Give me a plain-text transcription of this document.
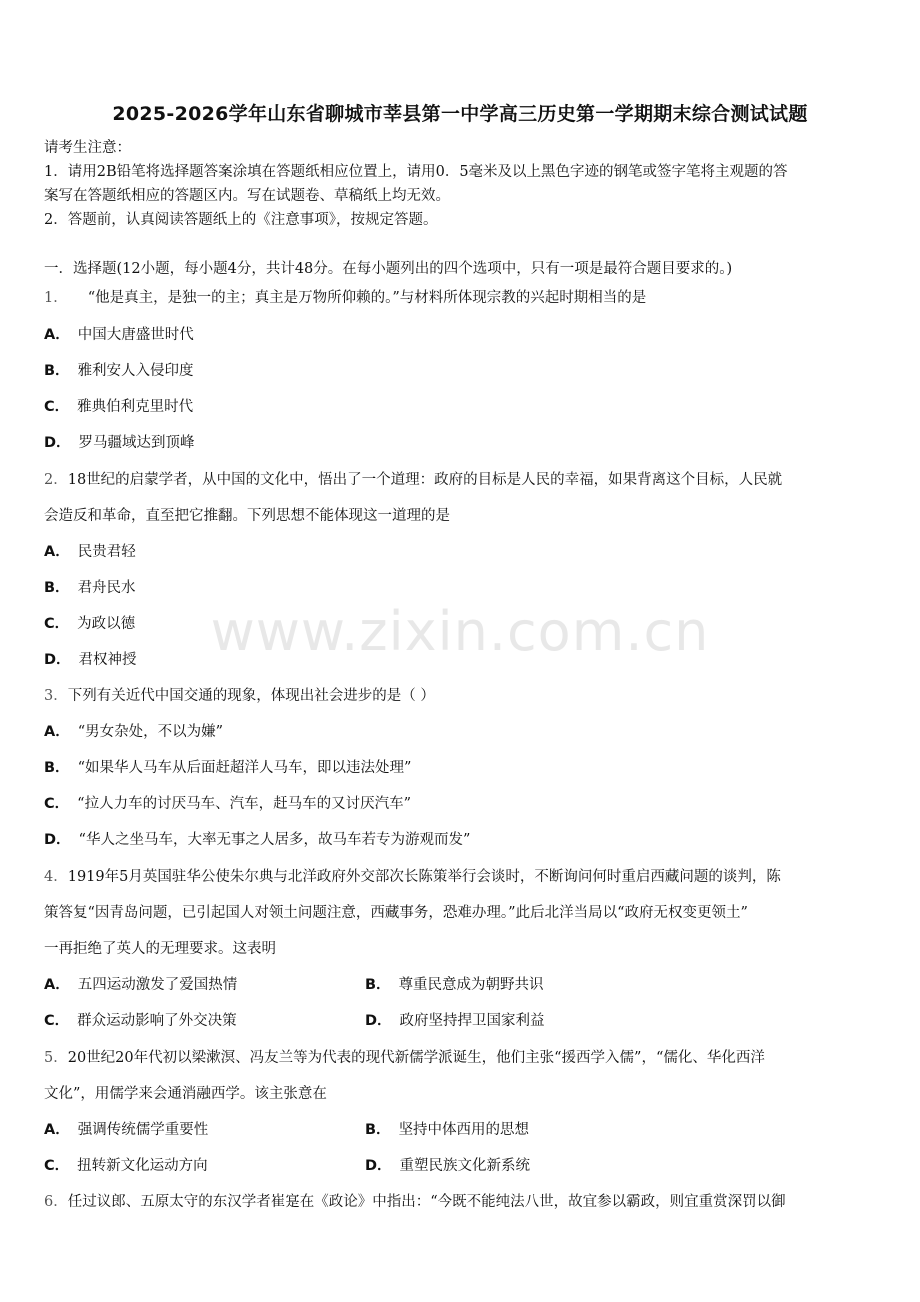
2025-2026学年山东省聊城市莘县第一中学高三历史第一学期期末综合测试试题
请考生注意：
1．请用2B铅笔将选择题答案涂填在答题纸相应位置上，请用0．5毫米及以上黑色字迹的钢笔或签字笔将主观题的答
案写在答题纸相应的答题区内。写在试题卷、草稿纸上均无效。
2．答题前，认真阅读答题纸上的《注意事项》，按规定答题。
一．选择题(12小题，每小题4分，共计48分。在每小题列出的四个选项中，只有一项是最符合题目要求的。)
1． “他是真主，是独一的主；真主是万物所仰赖的。”与材料所体现宗教的兴起时期相当的是
A． 中国大唐盛世时代
B． 雅利安人入侵印度
C． 雅典伯利克里时代
D． 罗马疆域达到顶峰
2．18世纪的启蒙学者，从中国的文化中，悟出了一个道理：政府的目标是人民的幸福，如果背离这个目标，人民就
会造反和革命，直至把它推翻。下列思想不能体现这一道理的是
A． 民贵君轻
B． 君舟民水
C． 为政以德
D． 君权神授
3．下列有关近代中国交通的现象，体现出社会进步的是（ ）
A． “男女杂处，不以为嫌”
B． “如果华人马车从后面赶超洋人马车，即以违法处理”
C． “拉人力车的讨厌马车、汽车，赶马车的又讨厌汽车”
D． “华人之坐马车，大率无事之人居多，故马车若专为游观而发”
4．1919年5月英国驻华公使朱尔典与北洋政府外交部次长陈策举行会谈时，不断询问何时重启西藏问题的谈判，陈
策答复“因青岛问题，已引起国人对领土问题注意，西藏事务，恐难办理。”此后北洋当局以“政府无权变更领土”
一再拒绝了英人的无理要求。这表明
A． 五四运动激发了爱国热情	B． 尊重民意成为朝野共识
C． 群众运动影响了外交决策	D． 政府坚持捍卫国家利益
5．20世纪20年代初以梁漱溟、冯友兰等为代表的现代新儒学派诞生，他们主张“援西学入儒”，“儒化、华化西洋
文化”，用儒学来会通消融西学。该主张意在
A． 强调传统儒学重要性	B． 坚持中体西用的思想
C． 扭转新文化运动方向	D． 重塑民族文化新系统
6．任过议郎、五原太守的东汉学者崔寔在《政论》中指出：“今既不能纯法八世，故宜参以霸政，则宜重赏深罚以御
www.zixin.com.cn
